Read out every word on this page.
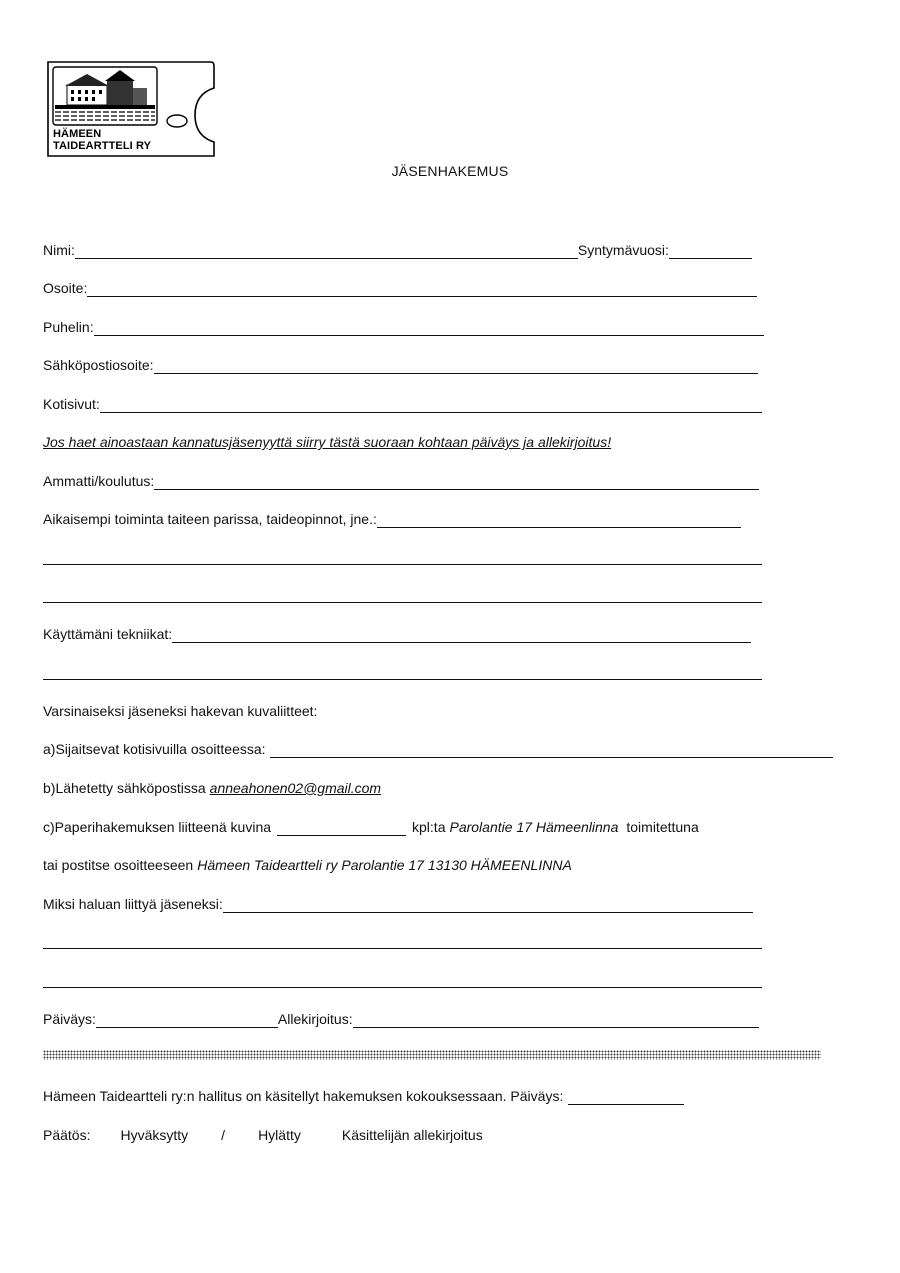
HÄMEEN
TAIDEARTTELI RY
JÄSENHAKEMUS
Nimi:	Syntymävuosi:
Osoite:
Puhelin:
Sähköpostiosoite:
Kotisivut:
Jos haet ainoastaan kannatusjäsenyyttä siirry tästä suoraan kohtaan päiväys ja allekirjoitus!
Ammatti/koulutus:
Aikaisempi toiminta taiteen parissa, taideopinnot, jne.:
Käyttämäni tekniikat:
Varsinaiseksi jäseneksi hakevan kuvaliitteet:
a)Sijaitsevat kotisivuilla osoitteessa:
b)Lähetetty sähköpostissa anneahonen02@gmail.com
c)Paperihakemuksen liitteenä kuvina	kpl:ta Parolantie 17 Hämeenlinna toimitettuna
tai postitse osoitteeseen Hämeen Taideartteli ry Parolantie 17 13130 HÄMEENLINNA
Miksi haluan liittyä jäseneksi:
Päiväys:	Allekirjoitus:
Hämeen Taideartteli ry:n hallitus on käsitellyt hakemuksen kokouksessaan. Päiväys:
Päätös: Hyväksytty / Hylätty	Käsittelijän allekirjoitus
